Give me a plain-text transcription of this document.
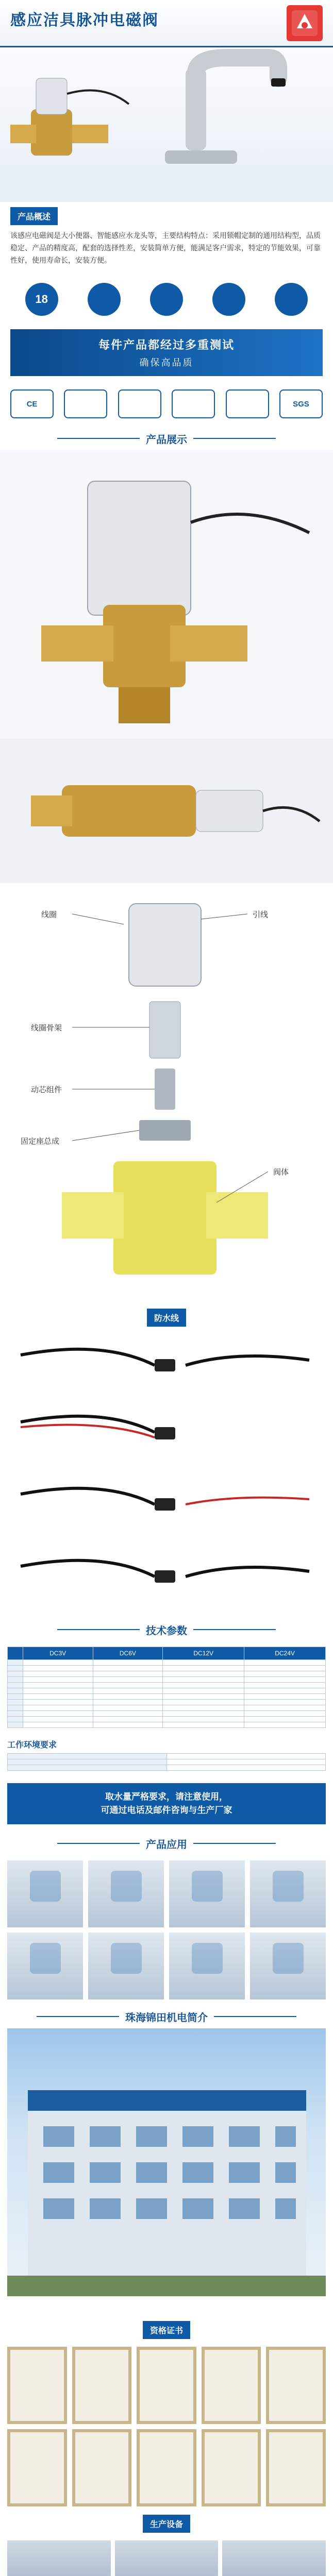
感应洁具脉冲电磁阀
产品概述

该感应电磁阀是大小便器、智能感应水龙头等，主要结构特点：采用锁帽定制的通用结构型，品质稳定、产品的精度高，配套的选择性差，安装简单方便，能满足客户需求，特定的节能效果，可靠性好，使用寿命长，安装方便。

18
每件产品都经过多重测试
确保高品质
CE	SGS
产品展示
线圈	引线
线圈骨架
动芯组件
固定座总成
阀体
防水线
技术参数
	DC3V	DC6V	DC12V	DC24V

工作环境要求

取水量严格要求，请注意使用，
可通过电话及邮件咨询与生产厂家
产品应用
珠海锦田机电简介

资格证书
生产设备
